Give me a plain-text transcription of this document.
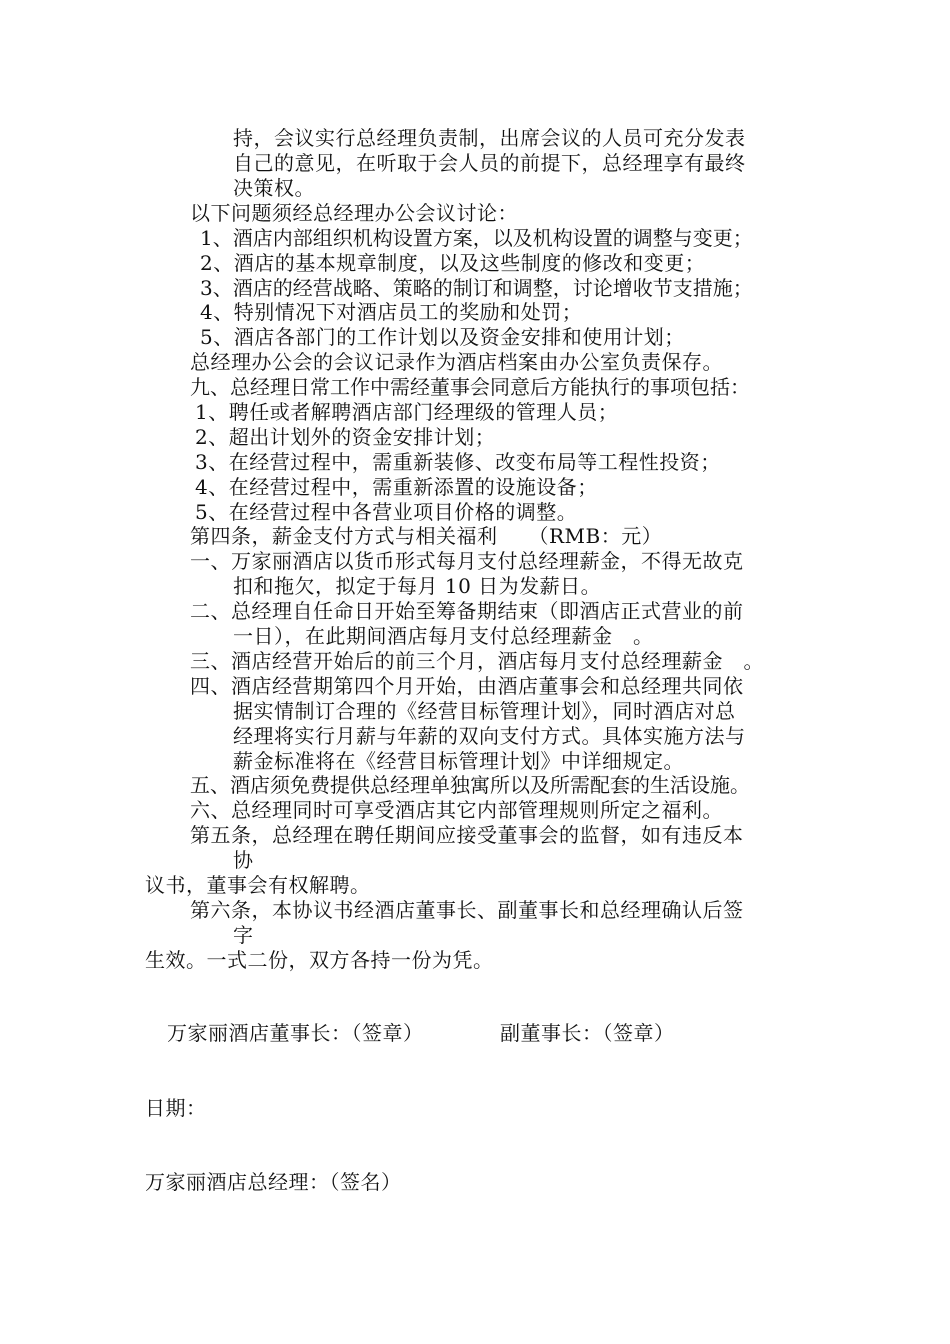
持，会议实行总经理负责制，出席会议的人员可充分发表
自己的意见，在听取于会人员的前提下，总经理享有最终
决策权。
以下问题须经总经理办公会议讨论：
1、酒店内部组织机构设置方案，以及机构设置的调整与变更；
2、酒店的基本规章制度，以及这些制度的修改和变更；
3、酒店的经营战略、策略的制订和调整，讨论增收节支措施；
4、特别情况下对酒店员工的奖励和处罚；
5、酒店各部门的工作计划以及资金安排和使用计划；
总经理办公会的会议记录作为酒店档案由办公室负责保存。
九、总经理日常工作中需经董事会同意后方能执行的事项包括：
1、聘任或者解聘酒店部门经理级的管理人员；
2、超出计划外的资金安排计划；
3、在经营过程中，需重新装修、改变布局等工程性投资；
4、在经营过程中，需重新添置的设施设备；
5、在经营过程中各营业项目价格的调整。
第四条，薪金支付方式与相关福利　　（RMB：元）
一、万家丽酒店以货币形式每月支付总经理薪金，不得无故克
扣和拖欠，拟定于每月 10 日为发薪日。
二、总经理自任命日开始至筹备期结束（即酒店正式营业的前
一日），在此期间酒店每月支付总经理薪金　。
三、酒店经营开始后的前三个月，酒店每月支付总经理薪金　。
四、酒店经营期第四个月开始，由酒店董事会和总经理共同依
据实情制订合理的《经营目标管理计划》，同时酒店对总
经理将实行月薪与年薪的双向支付方式。具体实施方法与
薪金标准将在《经营目标管理计划》中详细规定。
五、酒店须免费提供总经理单独寓所以及所需配套的生活设施。
六、总经理同时可享受酒店其它内部管理规则所定之福利。
第五条，总经理在聘任期间应接受董事会的监督，如有违反本
协
议书，董事会有权解聘。
第六条，本协议书经酒店董事长、副董事长和总经理确认后签
字
生效。一式二份，双方各持一份为凭。
万家丽酒店董事长：（签章）	副董事长：（签章）
日期：
万家丽酒店总经理：（签名）
